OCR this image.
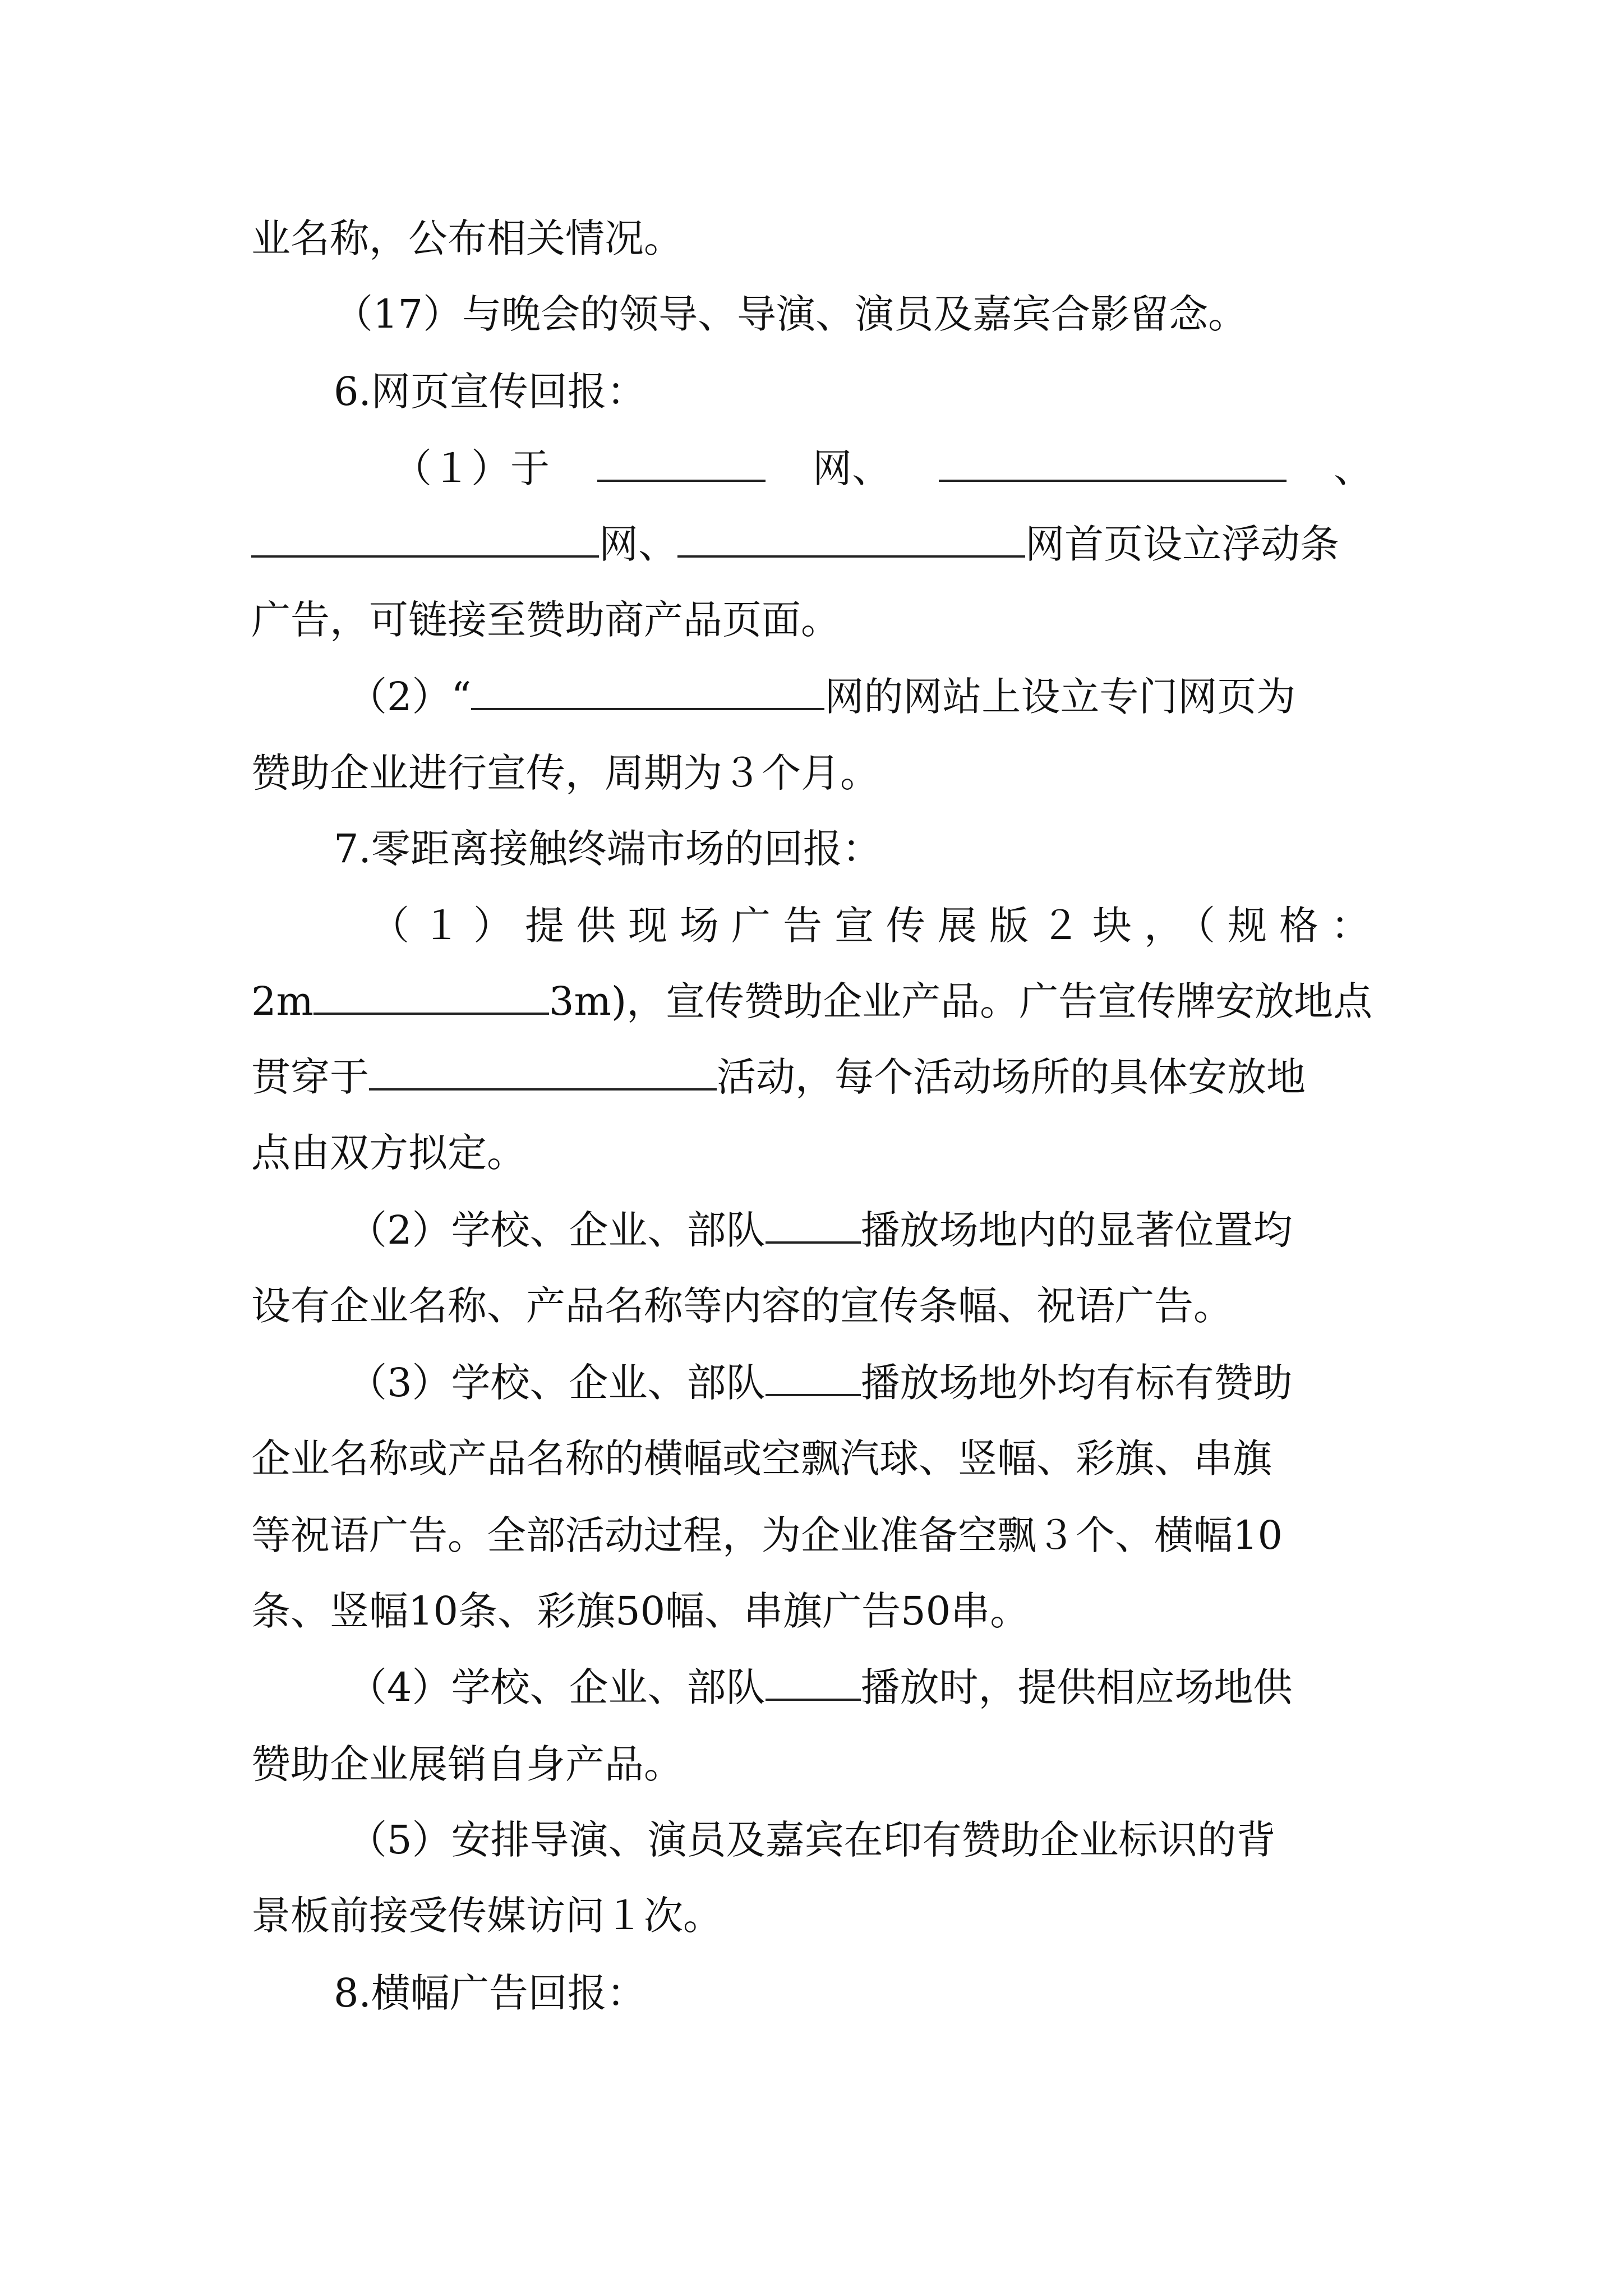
业名称，公布相关情况。
（17）与晚会的领导、导演、演员及嘉宾合影留念。
6.网页宣传回报：
（１）于	网、	、
网、	网首页设立浮动条
广告，可链接至赞助商产品页面。
（2）“	网的网站上设立专门网页为
赞助企业进行宣传，周期为３个月。
7.零距离接触终端市场的回报：
（１）提供现场广告宣传展版２块，（规格：
2m	3m)，宣传赞助企业产品。广告宣传牌安放地点
贯穿于	活动，每个活动场所的具体安放地
点由双方拟定。
（2）学校、企业、部队 播放场地内的显著位置均
设有企业名称、产品名称等内容的宣传条幅、祝语广告。
（3）学校、企业、部队 播放场地外均有标有赞助
企业名称或产品名称的横幅或空飘汽球、竖幅、彩旗、串旗
等祝语广告。全部活动过程，为企业准备空飘３个、横幅10
条、竖幅10条、彩旗50幅、串旗广告50串。
（4）学校、企业、部队 播放时，提供相应场地供
赞助企业展销自身产品。
（5）安排导演、演员及嘉宾在印有赞助企业标识的背
景板前接受传媒访问１次。
8.横幅广告回报：
